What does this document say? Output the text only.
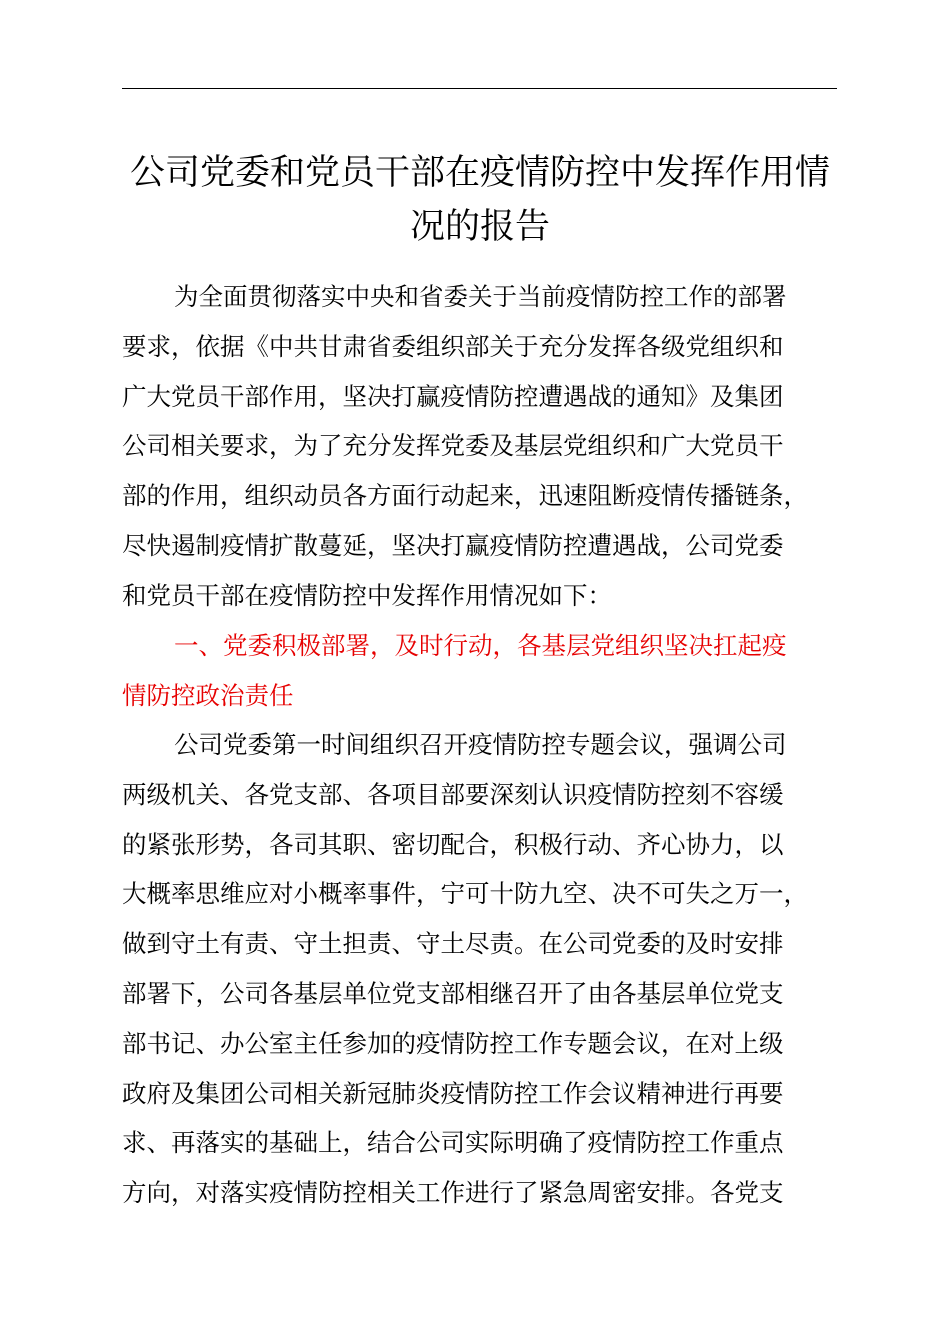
公司党委和党员干部在疫情防控中发挥作用情
况的报告

为全面贯彻落实中央和省委关于当前疫情防控工作的部署
要求，依据《中共甘肃省委组织部关于充分发挥各级党组织和
广大党员干部作用，坚决打赢疫情防控遭遇战的通知》及集团
公司相关要求，为了充分发挥党委及基层党组织和广大党员干
部的作用，组织动员各方面行动起来，迅速阻断疫情传播链条，
尽快遏制疫情扩散蔓延，坚决打赢疫情防控遭遇战，公司党委
和党员干部在疫情防控中发挥作用情况如下：

一、党委积极部署，及时行动，各基层党组织坚决扛起疫
情防控政治责任

公司党委第一时间组织召开疫情防控专题会议，强调公司
两级机关、各党支部、各项目部要深刻认识疫情防控刻不容缓
的紧张形势，各司其职、密切配合，积极行动、齐心协力，以
大概率思维应对小概率事件，宁可十防九空、决不可失之万一，
做到守土有责、守土担责、守土尽责。在公司党委的及时安排
部署下，公司各基层单位党支部相继召开了由各基层单位党支
部书记、办公室主任参加的疫情防控工作专题会议，在对上级
政府及集团公司相关新冠肺炎疫情防控工作会议精神进行再要
求、再落实的基础上，结合公司实际明确了疫情防控工作重点
方向，对落实疫情防控相关工作进行了紧急周密安排。各党支
